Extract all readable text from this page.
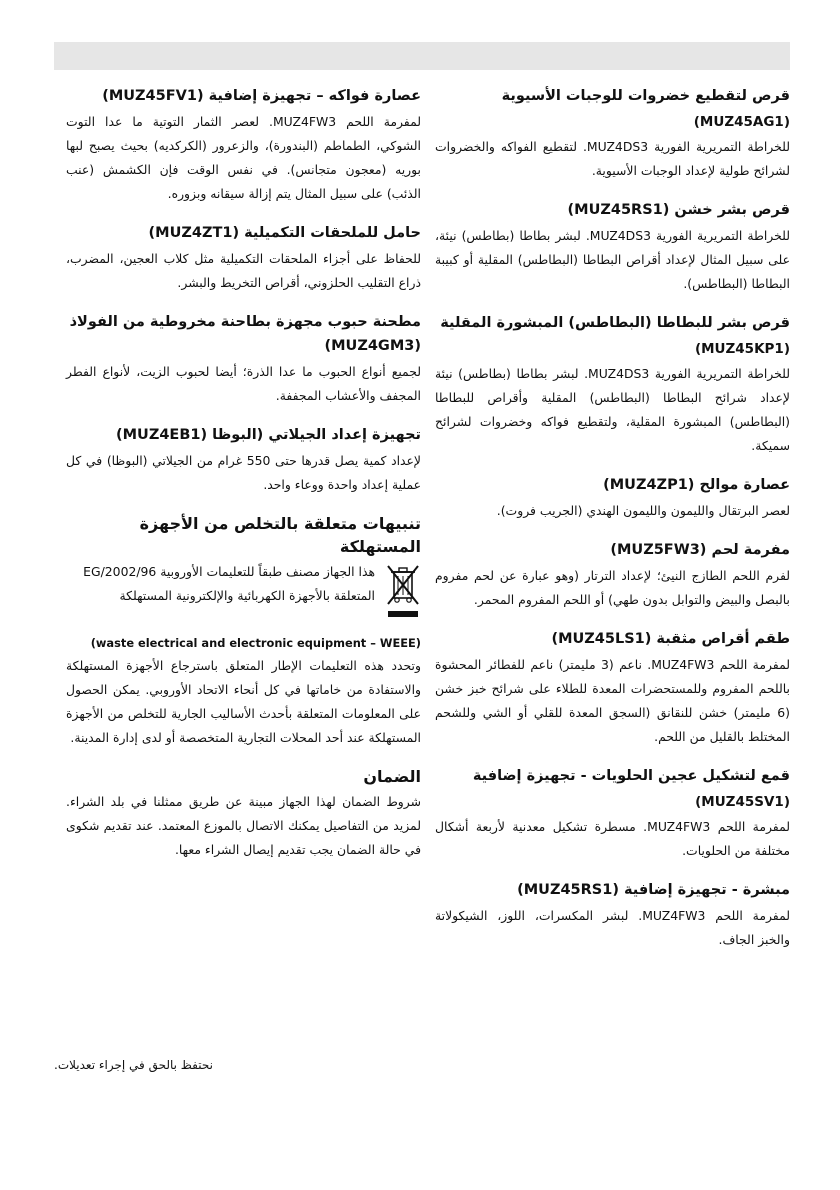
قرص لتقطيع خضروات للوجبات الأسيوية
(MUZ45AG1)

للخراطة التمريرية الفورية MUZ4DS3. لتقطيع الفواكه والخضروات لشرائح طولية لإعداد الوجبات الأسيوية.

قرص بشر خشن (MUZ45RS1)

للخراطة التمريرية الفورية MUZ4DS3. لبشر بطاطا (بطاطس) نيئة، على سبيل المثال لإعداد أقراص البطاطا (البطاطس) المقلية أو كبيبة البطاطا (البطاطس).

قرص بشر للبطاطا (البطاطس) المبشورة المقلية
(MUZ45KP1)

للخراطة التمريرية الفورية MUZ4DS3. لبشر بطاطا (بطاطس) نيئة لإعداد شرائح البطاطا (البطاطس) المقلية وأقراص للبطاطا (البطاطس) المبشورة المقلية، ولتقطيع فواكه وخضروات لشرائح سميكة.

عصارة موالح (MUZ4ZP1)

لعصر البرتقال والليمون والليمون الهندي (الجريب فروت).

مفرمة لحم (MUZ5FW3)

لفرم اللحم الطازج النيئ؛ لإعداد الترتار (وهو عبارة عن لحم مفروم بالبصل والبيض والتوابل بدون طهي) أو اللحم المفروم المحمر.

طقم أقراص مثقبة (MUZ45LS1)

لمفرمة اللحم MUZ4FW3. ناعم (3 مليمتر) ناعم للفطائر المحشوة باللحم المفروم وللمستحضرات المعدة للطلاء على شرائح خبز خشن (6 مليمتر) خشن للنقانق (السجق المعدة للقلي أو الشي وللشحم المختلط بالقليل من اللحم.

قمع لتشكيل عجين الحلويات - تجهيزة إضافية
(MUZ45SV1)

لمفرمة اللحم MUZ4FW3. مسطرة تشكيل معدنية لأربعة أشكال مختلفة من الحلويات.

مبشرة - تجهيزة إضافية (MUZ45RS1)

لمفرمة اللحم MUZ4FW3. لبشر المكسرات، اللوز، الشيكولاتة والخبز الجاف.

عصارة فواكه – تجهيزة إضافية (MUZ45FV1)

لمفرمة اللحم MUZ4FW3. لعصر الثمار التوتية ما عدا التوت الشوكي، الطماطم (البندورة)، والزعرور (الكركديه) بحيث يصبح لبها بوريه (معجون متجانس). في نفس الوقت فإن الكشمش (عنب الذئب) على سبيل المثال يتم إزالة سيقانه وبزوره.

حامل للملحقات التكميلية (MUZ4ZT1)

للحفاظ على أجزاء الملحقات التكميلية مثل كلاب العجين، المضرب، ذراع التقليب الحلزوني، أقراص التخريط والبشر.

مطحنة حبوب مجهزة بطاحنة مخروطية من الفولاذ (MUZ4GM3)

لجميع أنواع الحبوب ما عدا الذرة؛ أيضا لحبوب الزيت، لأنواع الفطر المجفف والأعشاب المجففة.

تجهيزة إعداد الجيلاتي (البوظا (MUZ4EB1)

لإعداد كمية يصل قدرها حتى 550 غرام من الجيلاتي (البوظا) في كل عملية إعداد واحدة ووعاء واحد.

تنبيهات متعلقة بالتخلص من الأجهزة المستهلكة
هذا الجهاز مصنف طبقاً للتعليمات الأوروبية 2002/96/EG المتعلقة بالأجهزة الكهربائية والإلكترونية المستهلكة
(waste electrical and electronic equipment – WEEE)

وتحدد هذه التعليمات الإطار المتعلق باسترجاع الأجهزة المستهلكة والاستفادة من خاماتها في كل أنحاء الاتحاد الأوروبي. يمكن الحصول على المعلومات المتعلقة بأحدث الأساليب الجارية للتخلص من الأجهزة المستهلكة عند أحد المحلات التجارية المتخصصة أو لدى إدارة المدينة.

الضمان

شروط الضمان لهذا الجهاز مبينة عن طريق ممثلنا في بلد الشراء. لمزيد من التفاصيل يمكنك الاتصال بالموزع المعتمد. عند تقديم شكوى في حالة الضمان يجب تقديم إيصال الشراء معها.

نحتفظ بالحق في إجراء تعديلات.
